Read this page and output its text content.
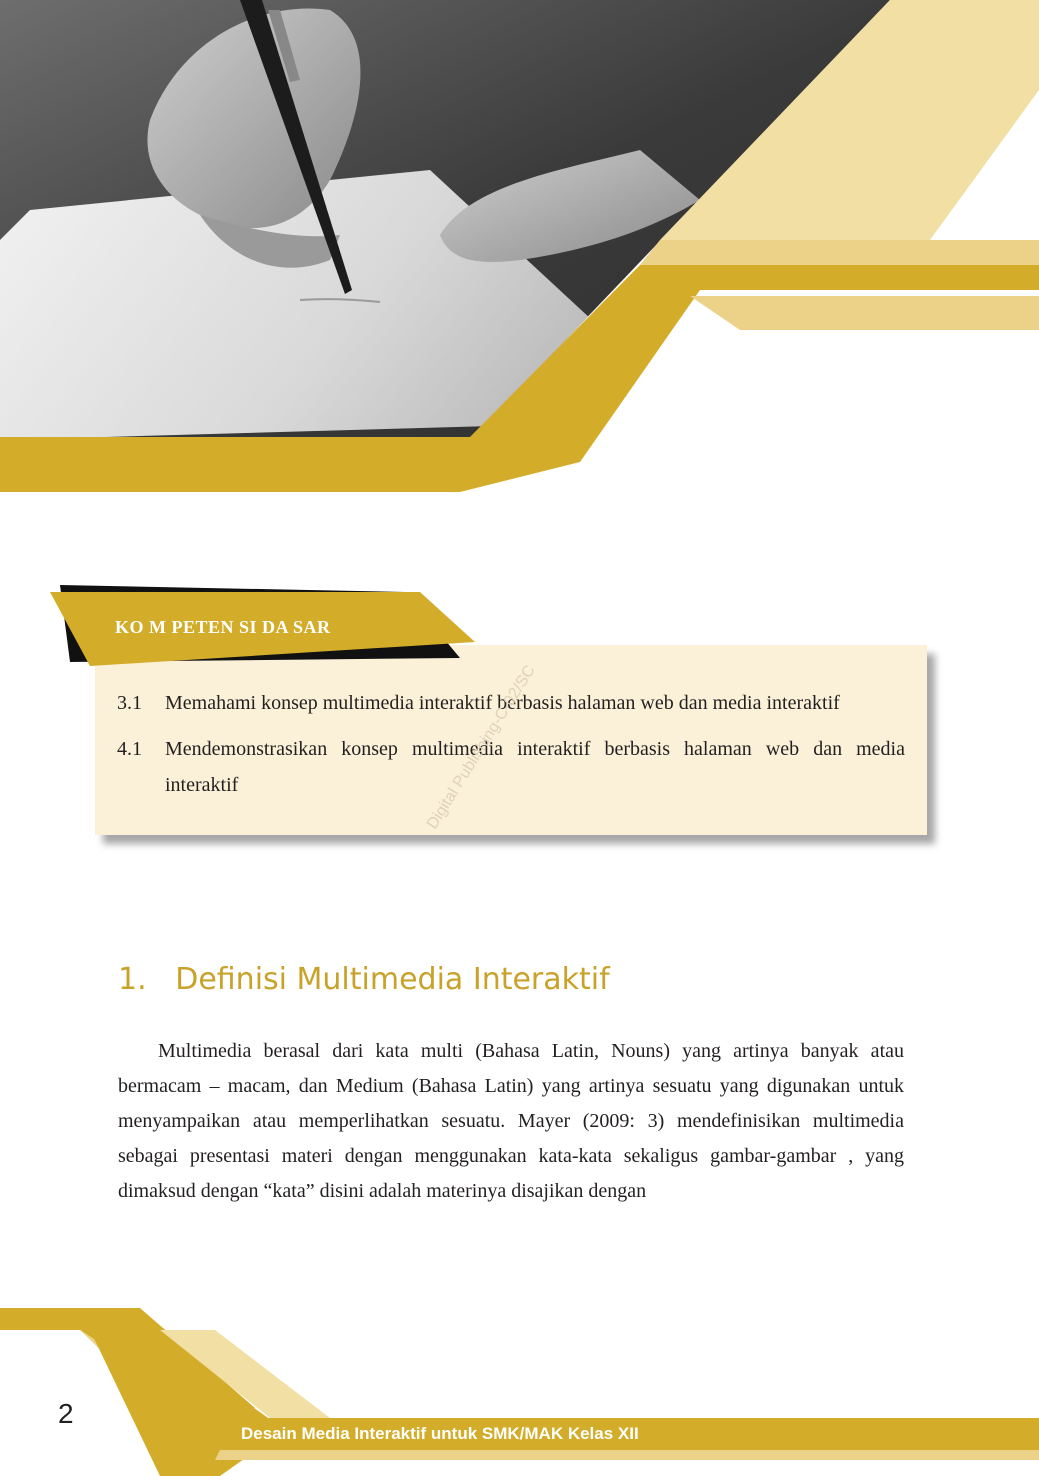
3.1 Memahami konsep multimedia interaktif berbasis halaman web dan media interaktif
4.1 Mendemonstrasikan konsep multimedia interaktif berbasis halaman web dan media interaktif
KO M PETEN SI DA SAR
Digital Publishing-C-02/SC
1.   Definisi Multimedia Interaktif

Multimedia berasal dari kata multi (Bahasa Latin, Nouns) yang artinya banyak atau bermacam – macam, dan Medium (Bahasa Latin) yang artinya sesuatu yang digunakan untuk menyampaikan atau memperlihatkan sesuatu. Mayer (2009: 3) mendefinisikan multimedia sebagai presentasi materi dengan menggunakan kata-kata sekaligus gambar-gambar , yang dimaksud dengan “kata” disini adalah materinya disajikan dengan

2
Desain Media Interaktif untuk SMK/MAK Kelas XII
